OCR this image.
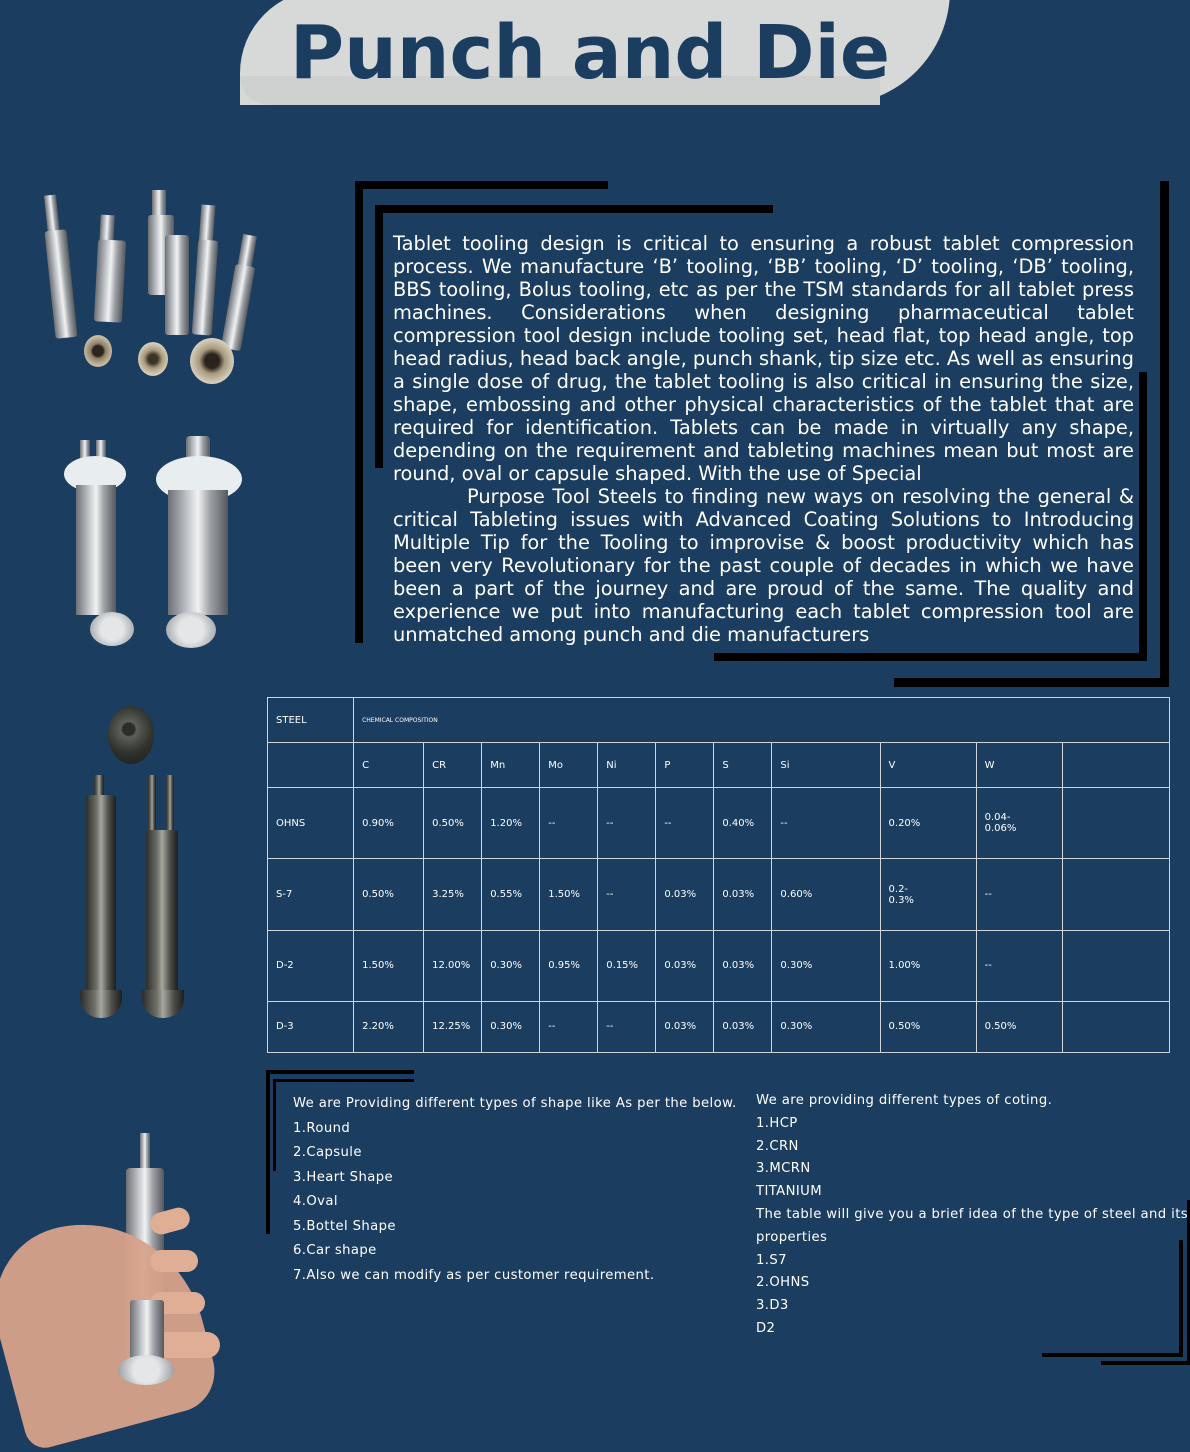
Punch and Die

Tablet tooling design is critical to ensuring a robust tablet compression process. We manufacture ‘B’ tooling, ‘BB’ tooling, ‘D’ tooling, ‘DB’ tooling, BBS tooling, Bolus tooling, etc as per the TSM standards for all tablet press machines. Considerations when designing pharmaceutical tablet compression tool design include tooling set, head flat, top head angle, top head radius, head back angle, punch shank, tip size etc. As well as ensuring a single dose of drug, the tablet tooling is also critical in ensuring the size, shape, embossing and other physical characteristics of the tablet that are required for identification. Tablets can be made in virtually any shape, depending on the requirement and tableting machines mean but most are round, oval or capsule shaped. With the use of Special

Purpose Tool Steels to finding new ways on resolving the general & critical Tableting issues with Advanced Coating Solutions to Introducing Multiple Tip for the Tooling to improvise & boost productivity which has been very Revolutionary for the past couple of decades in which we have been a part of the journey and are proud of the same. The quality and experience we put into manufacturing each tablet compression tool are unmatched among punch and die manufacturers

STEEL	CHEMICAL COMPOSITION										
	C	CR	Mn	Mo	Ni	P	S	Si	V	W	
OHNS	0.90%	0.50%	1.20%	--	--	--	0.40%	--	0.20%	0.04-0.06%	
S-7	0.50%	3.25%	0.55%	1.50%	--	0.03%	0.03%	0.60%	0.2-0.3%	--	
D-2	1.50%	12.00%	0.30%	0.95%	0.15%	0.03%	0.03%	0.30%	1.00%	--	
D-3	2.20%	12.25%	0.30%	--	--	0.03%	0.03%	0.30%	0.50%	0.50%	
We are Providing different types of shape like As per the below.
1.Round
2.Capsule
3.Heart Shape
4.Oval
5.Bottel Shape
6.Car shape
7.Also we can modify as per customer requirement.
We are providing different types of coting.
1.HCP
2.CRN
3.MCRN
TITANIUM
The table will give you a brief idea of the type of steel and its
properties
1.S7
2.OHNS
3.D3
D2
